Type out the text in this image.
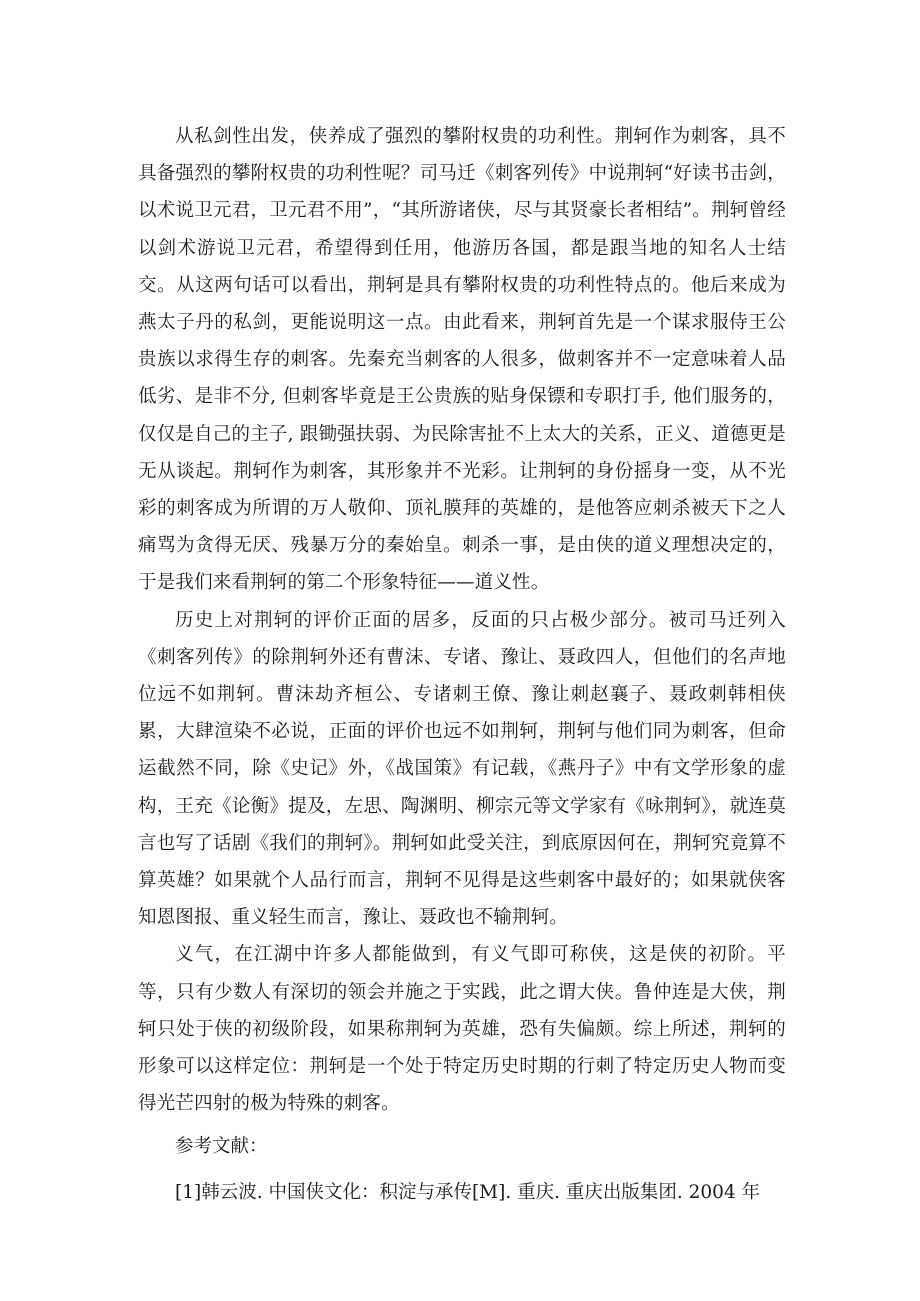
从私剑性出发，侠养成了强烈的攀附权贵的功利性。荆轲作为刺客，具不具备强烈的攀附权贵的功利性呢？司马迁《刺客列传》中说荆轲“好读书击剑，以术说卫元君，卫元君不用”，“其所游诸侠，尽与其贤豪长者相结”。荆轲曾经以剑术游说卫元君，希望得到任用，他游历各国，都是跟当地的知名人士结交。从这两句话可以看出，荆轲是具有攀附权贵的功利性特点的。他后来成为燕太子丹的私剑，更能说明这一点。由此看来，荆轲首先是一个谋求服侍王公贵族以求得生存的刺客。先秦充当刺客的人很多，做刺客并不一定意味着人品低劣、是非不分, 但刺客毕竟是王公贵族的贴身保镖和专职打手, 他们服务的，仅仅是自己的主子, 跟锄强扶弱、为民除害扯不上太大的关系，正义、道德更是无从谈起。荆轲作为刺客，其形象并不光彩。让荆轲的身份摇身一变，从不光彩的刺客成为所谓的万人敬仰、顶礼膜拜的英雄的，是他答应刺杀被天下之人痛骂为贪得无厌、残暴万分的秦始皇。刺杀一事，是由侠的道义理想决定的，于是我们来看荆轲的第二个形象特征——道义性。

历史上对荆轲的评价正面的居多，反面的只占极少部分。被司马迁列入《刺客列传》的除荆轲外还有曹沫、专诸、豫让、聂政四人，但他们的名声地位远不如荆轲。曹沫劫齐桓公、专诸刺王僚、豫让刺赵襄子、聂政刺韩相侠累，大肆渲染不必说，正面的评价也远不如荆轲，荆轲与他们同为刺客，但命运截然不同，除《史记》外，《战国策》有记载，《燕丹子》中有文学形象的虚构，王充《论衡》提及，左思、陶渊明、柳宗元等文学家有《咏荆轲》，就连莫言也写了话剧《我们的荆轲》。荆轲如此受关注，到底原因何在，荆轲究竟算不算英雄？如果就个人品行而言，荆轲不见得是这些刺客中最好的；如果就侠客知恩图报、重义轻生而言，豫让、聂政也不输荆轲。

义气，在江湖中许多人都能做到，有义气即可称侠，这是侠的初阶。平等，只有少数人有深切的领会并施之于实践，此之谓大侠。鲁仲连是大侠，荆轲只处于侠的初级阶段，如果称荆轲为英雄，恐有失偏颇。综上所述，荆轲的形象可以这样定位：荆轲是一个处于特定历史时期的行刺了特定历史人物而变得光芒四射的极为特殊的刺客。

参考文献：

[1]韩云波. 中国侠文化：积淀与承传[M]. 重庆. 重庆出版集团. 2004 年
